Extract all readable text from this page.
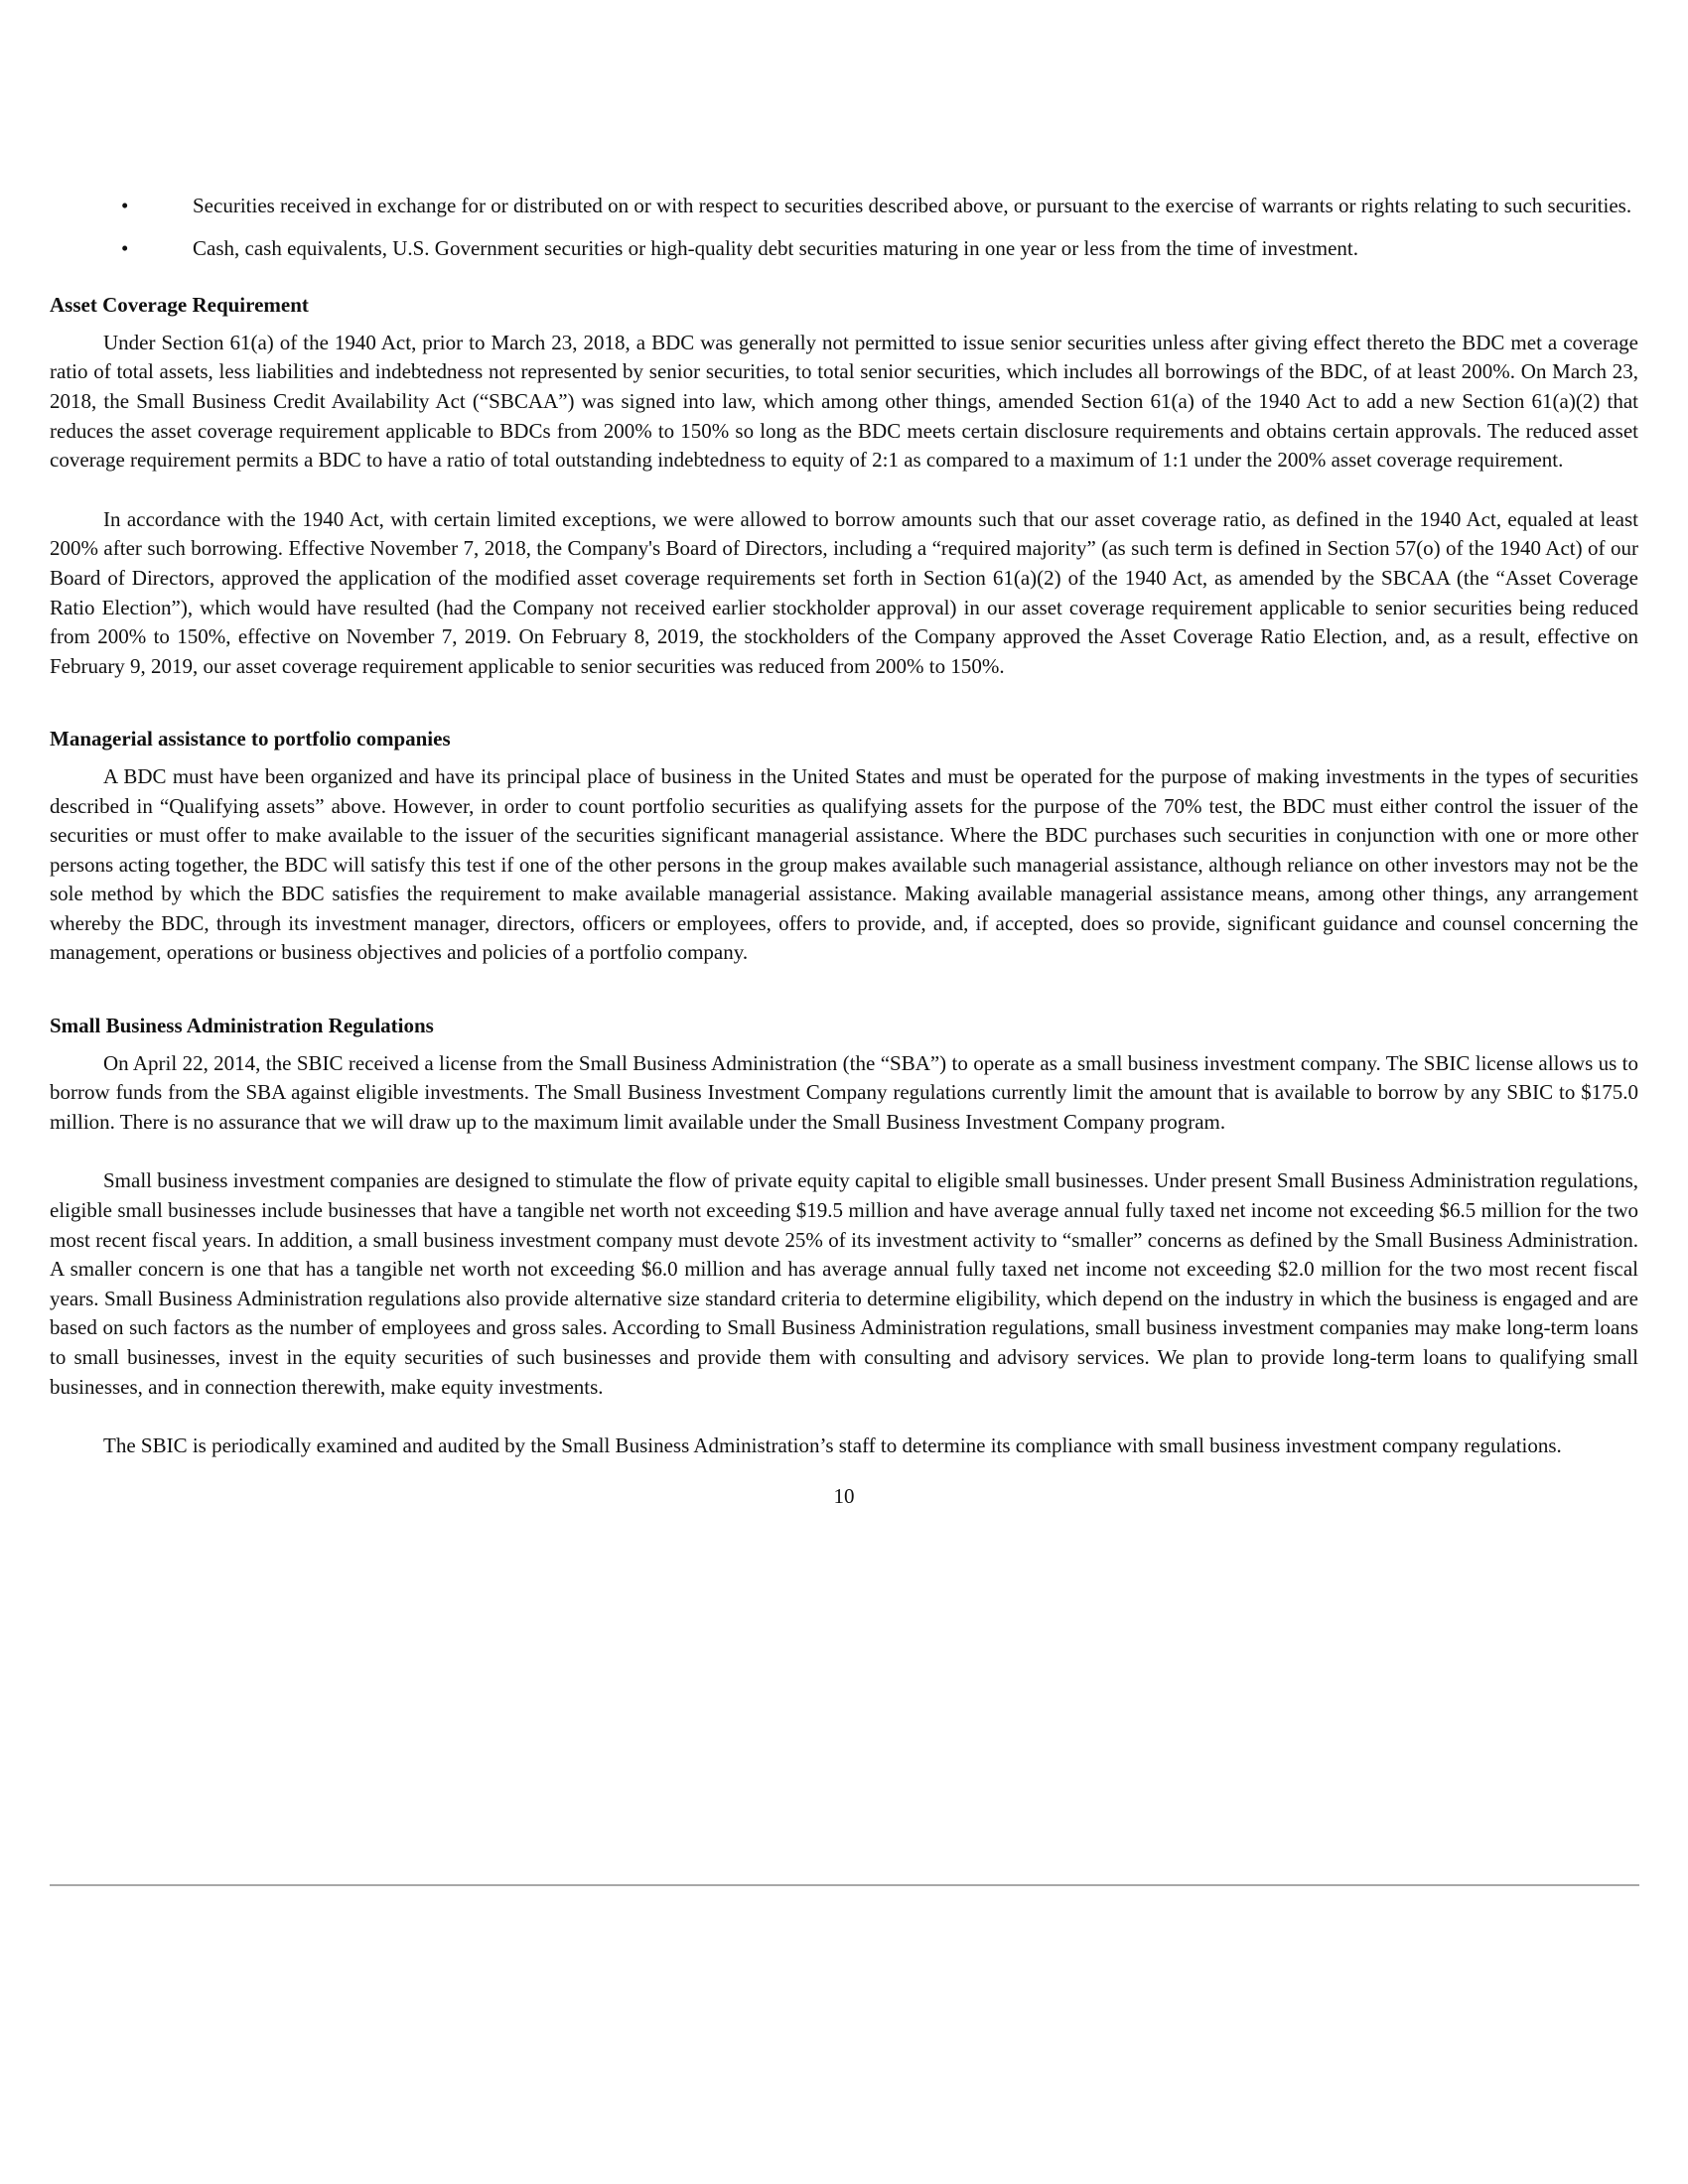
•	Securities received in exchange for or distributed on or with respect to securities described above, or pursuant to the exercise of warrants or rights relating to such securities.
•	Cash, cash equivalents, U.S. Government securities or high-quality debt securities maturing in one year or less from the time of investment.

Asset Coverage Requirement

Under Section 61(a) of the 1940 Act, prior to March 23, 2018, a BDC was generally not permitted to issue senior securities unless after giving effect thereto the BDC met a coverage ratio of total assets, less liabilities and indebtedness not represented by senior securities, to total senior securities, which includes all borrowings of the BDC, of at least 200%. On March 23, 2018, the Small Business Credit Availability Act (“SBCAA”) was signed into law, which among other things, amended Section 61(a) of the 1940 Act to add a new Section 61(a)(2) that reduces the asset coverage requirement applicable to BDCs from 200% to 150% so long as the BDC meets certain disclosure requirements and obtains certain approvals. The reduced asset coverage requirement permits a BDC to have a ratio of total outstanding indebtedness to equity of 2:1 as compared to a maximum of 1:1 under the 200% asset coverage requirement.

In accordance with the 1940 Act, with certain limited exceptions, we were allowed to borrow amounts such that our asset coverage ratio, as defined in the 1940 Act, equaled at least 200% after such borrowing. Effective November 7, 2018, the Company's Board of Directors, including a “required majority” (as such term is defined in Section 57(o) of the 1940 Act) of our Board of Directors, approved the application of the modified asset coverage requirements set forth in Section 61(a)(2) of the 1940 Act, as amended by the SBCAA (the “Asset Coverage Ratio Election”), which would have resulted (had the Company not received earlier stockholder approval) in our asset coverage requirement applicable to senior securities being reduced from 200% to 150%, effective on November 7, 2019. On February 8, 2019, the stockholders of the Company approved the Asset Coverage Ratio Election, and, as a result, effective on February 9, 2019, our asset coverage requirement applicable to senior securities was reduced from 200% to 150%.

Managerial assistance to portfolio companies

A BDC must have been organized and have its principal place of business in the United States and must be operated for the purpose of making investments in the types of securities described in “Qualifying assets” above. However, in order to count portfolio securities as qualifying assets for the purpose of the 70% test, the BDC must either control the issuer of the securities or must offer to make available to the issuer of the securities significant managerial assistance. Where the BDC purchases such securities in conjunction with one or more other persons acting together, the BDC will satisfy this test if one of the other persons in the group makes available such managerial assistance, although reliance on other investors may not be the sole method by which the BDC satisfies the requirement to make available managerial assistance. Making available managerial assistance means, among other things, any arrangement whereby the BDC, through its investment manager, directors, officers or employees, offers to provide, and, if accepted, does so provide, significant guidance and counsel concerning the management, operations or business objectives and policies of a portfolio company.

Small Business Administration Regulations

On April 22, 2014, the SBIC received a license from the Small Business Administration (the “SBA”) to operate as a small business investment company. The SBIC license allows us to borrow funds from the SBA against eligible investments. The Small Business Investment Company regulations currently limit the amount that is available to borrow by any SBIC to $175.0 million. There is no assurance that we will draw up to the maximum limit available under the Small Business Investment Company program.

Small business investment companies are designed to stimulate the flow of private equity capital to eligible small businesses. Under present Small Business Administration regulations, eligible small businesses include businesses that have a tangible net worth not exceeding $19.5 million and have average annual fully taxed net income not exceeding $6.5 million for the two most recent fiscal years. In addition, a small business investment company must devote 25% of its investment activity to “smaller” concerns as defined by the Small Business Administration. A smaller concern is one that has a tangible net worth not exceeding $6.0 million and has average annual fully taxed net income not exceeding $2.0 million for the two most recent fiscal years. Small Business Administration regulations also provide alternative size standard criteria to determine eligibility, which depend on the industry in which the business is engaged and are based on such factors as the number of employees and gross sales. According to Small Business Administration regulations, small business investment companies may make long-term loans to small businesses, invest in the equity securities of such businesses and provide them with consulting and advisory services. We plan to provide long-term loans to qualifying small businesses, and in connection therewith, make equity investments.

The SBIC is periodically examined and audited by the Small Business Administration’s staff to determine its compliance with small business investment company regulations.

10
